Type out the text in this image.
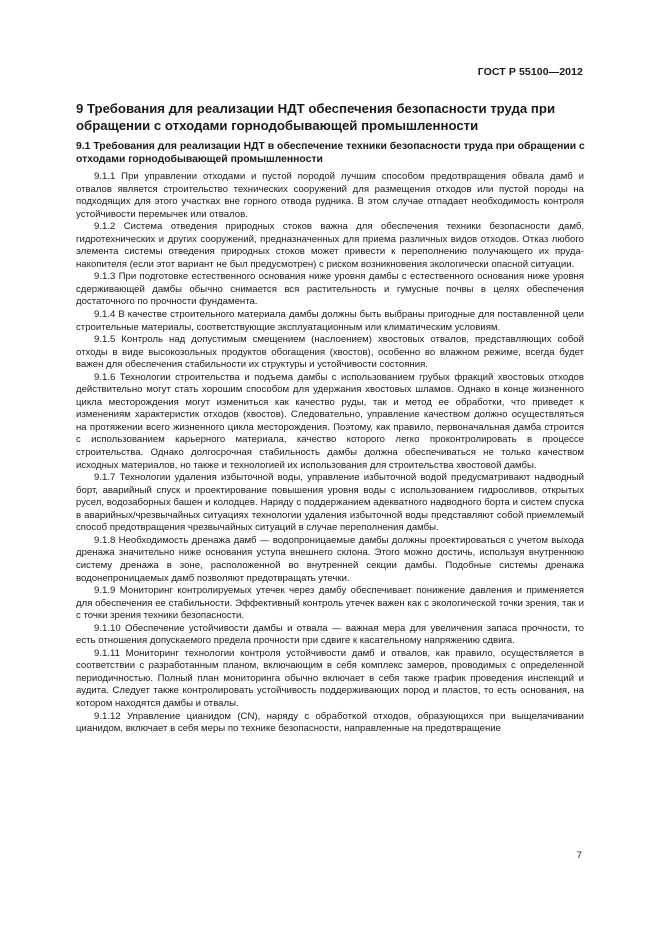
ГОСТ Р 55100—2012
9 Требования для реализации НДТ обеспечения безопасности труда при обращении с отходами горнодобывающей промышленности
9.1 Требования для реализации НДТ в обеспечение техники безопасности труда при обращении с отходами горнодобывающей промышленности

9.1.1 При управлении отходами и пустой породой лучшим способом предотвращения обвала дамб и отвалов является строительство технических сооружений для размещения отходов или пустой породы на подходящих для этого участках вне горного отвода рудника. В этом случае отпадает необходимость контроля устойчивости перемычек или отвалов.

9.1.2 Система отведения природных стоков важна для обеспечения техники безопасности дамб, гидротехнических и других сооружений, предназначенных для приема различных видов отходов. Отказ любого элемента системы отведения природных стоков может привести к переполнению получающего их пруда-накопителя (если этот вариант не был предусмотрен) с риском возникновения экологически опасной ситуации.

9.1.3 При подготовке естественного основания ниже уровня дамбы с естественного основания ниже уровня сдерживающей дамбы обычно снимается вся растительность и гумусные почвы в целях обеспечения достаточного по прочности фундамента.

9.1.4 В качестве строительного материала дамбы должны быть выбраны пригодные для поставленной цели строительные материалы, соответствующие эксплуатационным или климатическим условиям.

9.1.5 Контроль над допустимым смещением (наслоением) хвостовых отвалов, представляющих собой отходы в виде высокозольных продуктов обогащения (хвостов), особенно во влажном режиме, всегда будет важен для обеспечения стабильности их структуры и устойчивости состояния.

9.1.6 Технологии строительства и подъема дамбы с использованием грубых фракций хвостовых отходов действительно могут стать хорошим способом для удержания хвостовых шламов. Однако в конце жизненного цикла месторождения могут измениться как качество руды, так и метод ее обработки, что приведет к изменениям характеристик отходов (хвостов). Следовательно, управление качеством должно осуществляться на протяжении всего жизненного цикла месторождения. Поэтому, как правило, первоначальная дамба строится с использованием карьерного материала, качество которого легко проконтролировать в процессе строительства. Однако долгосрочная стабильность дамбы должна обеспечиваться не только качеством исходных материалов, но также и технологией их использования для строительства хвостовой дамбы.

9.1.7 Технологии удаления избыточной воды, управление избыточной водой предусматривают надводный борт, аварийный спуск и проектирование повышения уровня воды с использованием гидросливов, открытых русел, водозаборных башен и колодцев. Наряду с поддержанием адекватного надводного борта и систем спуска в аварийных/чрезвычайных ситуациях технологии удаления избыточной воды представляют собой приемлемый способ предотвращения чрезвычайных ситуаций в случае переполнения дамбы.

9.1.8 Необходимость дренажа дамб — водопроницаемые дамбы должны проектироваться с учетом выхода дренажа значительно ниже основания уступа внешнего склона. Этого можно достичь, используя внутреннюю систему дренажа в зоне, расположенной во внутренней секции дамбы. Подобные системы дренажа водонепроницаемых дамб позволяют предотвращать утечки.

9.1.9 Мониторинг контролируемых утечек через дамбу обеспечивает понижение давления и применяется для обеспечения ее стабильности. Эффективный контроль утечек важен как с экологической точки зрения, так и с точки зрения техники безопасности.

9.1.10 Обеспечение устойчивости дамбы и отвала — важная мера для увеличения запаса прочности, то есть отношения допускаемого предела прочности при сдвиге к касательному напряжению сдвига.

9.1.11 Мониторинг технологии контроля устойчивости дамб и отвалов, как правило, осуществляется в соответствии с разработанным планом, включающим в себя комплекс замеров, проводимых с определенной периодичностью. Полный план мониторинга обычно включает в себя также график проведения инспекций и аудита. Следует также контролировать устойчивость поддерживающих пород и пластов, то есть основания, на котором находятся дамбы и отвалы.

9.1.12 Управление цианидом (CN), наряду с обработкой отходов, образующихся при выщелачивании цианидом, включает в себя меры по технике безопасности, направленные на предотвращение

7
